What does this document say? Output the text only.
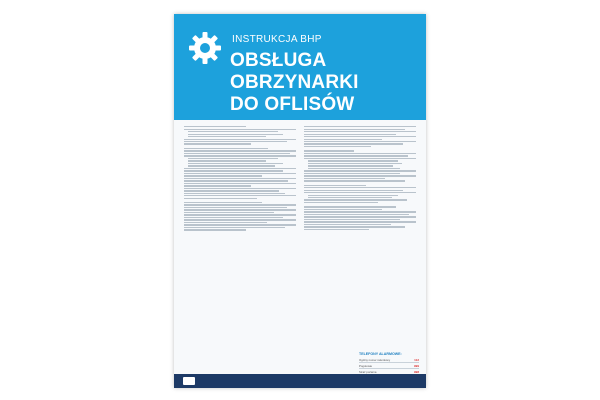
INSTRUKCJA BHP
OBSŁUGA OBRZYNARKI
DO OFLISÓW
TELEFONY ALARMOWE:
Ogólny numer ratunkowy	112
Pogotowie	999
Straż pożarna	998
